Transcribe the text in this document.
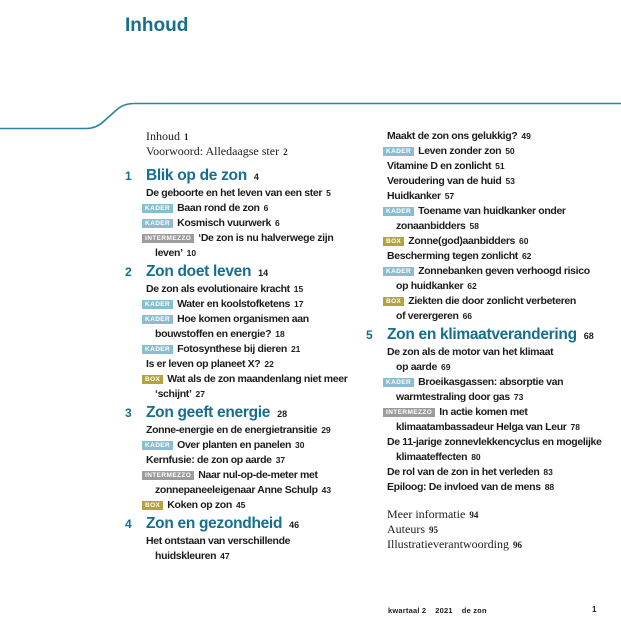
Inhoud
Inhoud 1
Voorwoord: Alledaagse ster 2
1 Blik op de zon 4
De geboorte en het leven van een ster 5
KADER Baan rond de zon 6
KADER Kosmisch vuurwerk 6
INTERMEZZO ‘De zon is nu halverwege zijn
leven’ 10
2 Zon doet leven 14
De zon als evolutionaire kracht 15
KADER Water en koolstofketens 17
KADER Hoe komen organismen aan
bouwstoffen en energie? 18
KADER Fotosynthese bij dieren 21
Is er leven op planeet X? 22
BOX Wat als de zon maandenlang niet meer
‘schijnt’ 27
3 Zon geeft energie 28
Zonne-energie en de energietransitie 29
KADER Over planten en panelen 30
Kernfusie: de zon op aarde 37
INTERMEZZO Naar nul-op-de-meter met
zonnepaneeleigenaar Anne Schulp 43
BOX Koken op zon 45
4 Zon en gezondheid 46
Het ontstaan van verschillende
huidskleuren 47
Maakt de zon ons gelukkig? 49
KADER Leven zonder zon 50
Vitamine D en zonlicht 51
Veroudering van de huid 53
Huidkanker 57
KADER Toename van huidkanker onder
zonaanbidders 58
BOX Zonne(god)aanbidders 60
Bescherming tegen zonlicht 62
KADER Zonnebanken geven verhoogd risico
op huidkanker 62
BOX Ziekten die door zonlicht verbeteren
of verergeren 66
5 Zon en klimaatverandering 68
De zon als de motor van het klimaat
op aarde 69
KADER Broeikasgassen: absorptie van
warmtestraling door gas 73
INTERMEZZO In actie komen met
klimaatambassadeur Helga van Leur 78
De 11-jarige zonnevlekkencyclus en mogelijke
klimaateffecten 80
De rol van de zon in het verleden 83
Epiloog: De invloed van de mens 88
Meer informatie 94
Auteurs 95
Illustratieverantwoording 96
kwartaal 2 2021 de zon	1
